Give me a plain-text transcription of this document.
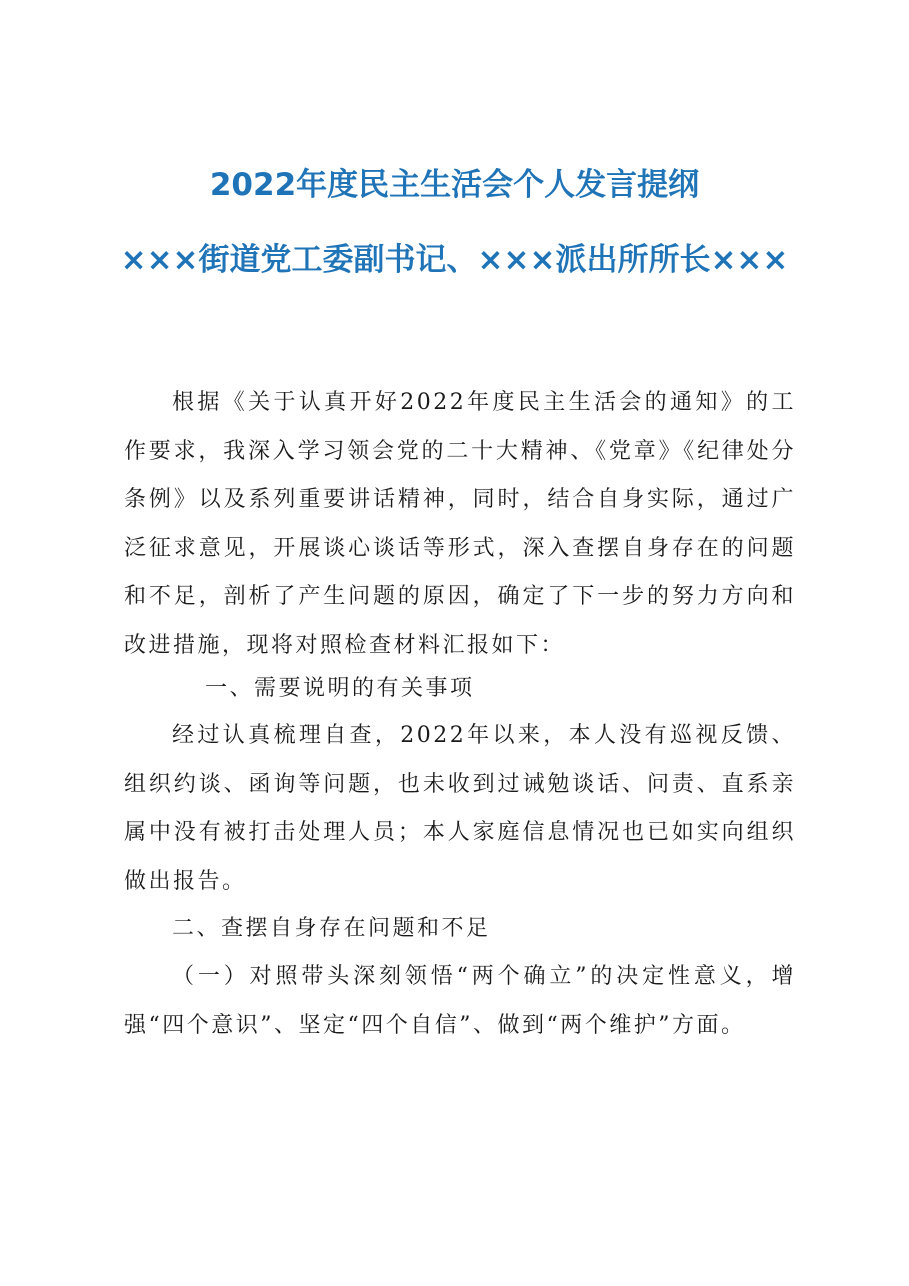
2022年度民主生活会个人发言提纲
×××街道党工委副书记、×××派出所所长×××

根据《关于认真开好2022年度民主生活会的通知》的工作要求，我深入学习领会党的二十大精神、《党章》《纪律处分条例》以及系列重要讲话精神，同时，结合自身实际，通过广泛征求意见，开展谈心谈话等形式，深入查摆自身存在的问题和不足，剖析了产生问题的原因，确定了下一步的努力方向和改进措施，现将对照检查材料汇报如下：

一、需要说明的有关事项

经过认真梳理自查，2022年以来，本人没有巡视反馈、组织约谈、函询等问题，也未收到过诫勉谈话、问责、直系亲属中没有被打击处理人员；本人家庭信息情况也已如实向组织做出报告。

二、查摆自身存在问题和不足

（一）对照带头深刻领悟“两个确立”的决定性意义，增强“四个意识”、坚定“四个自信”、做到“两个维护”方面。
